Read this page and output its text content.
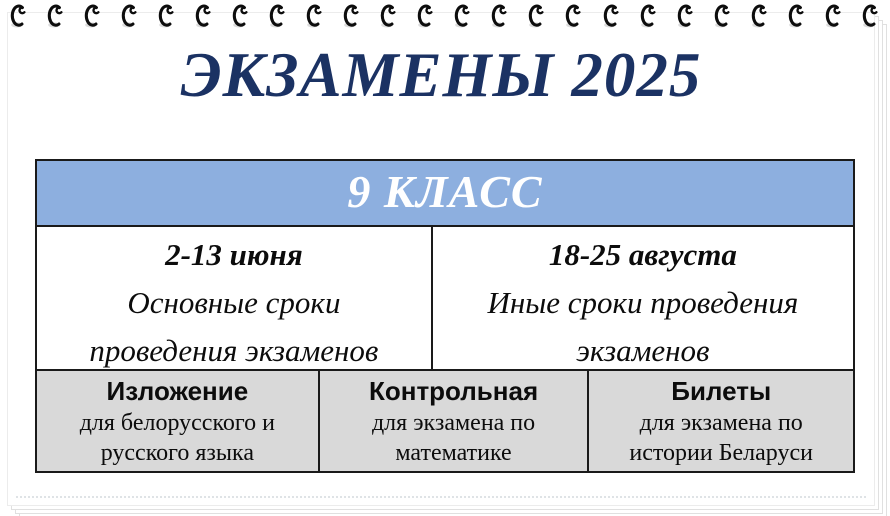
ЭКЗАМЕНЫ 2025
9 КЛАСС
2-13 июня
Основные сроки
проведения экзаменов
18-25 августа
Иные сроки проведения
экзаменов
Изложение
для белорусского и
русского языка
Контрольная
для экзамена по
математике
Билеты
для экзамена по
истории Беларуси
